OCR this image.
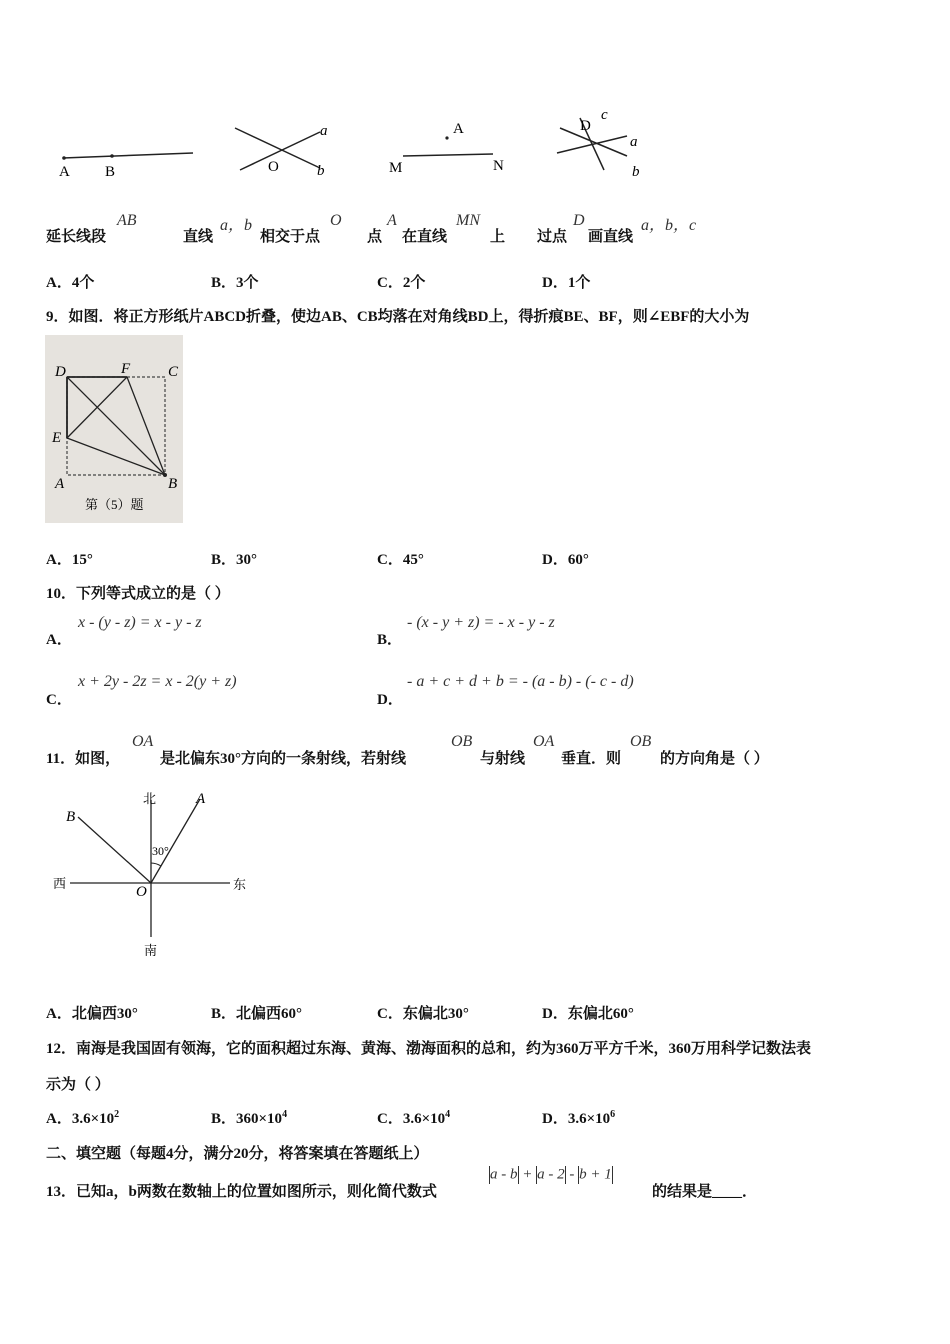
A B
a
O	b
A
M	N
c
D
a
b
延长线段
AB
直线
a，b
相交于点
O
点
A
在直线
MN
上 过点
D
画直线
a，b，c
A．4个	B．3个	C．2个	D．1个
9．如图．将正方形纸片ABCD折叠，使边AB、CB均落在对角线BD上，得折痕BE、BF，则∠EBF的大小为
D	F	C
E
A	B
第（5）题
A．15°	B．30°	C．45°	D．60°
10．下列等式成立的是（ ）
A．
x - (y - z) = x - y - z
B．
- (x - y + z) = - x - y - z
C．
x + 2y - 2z = x - 2(y + z)
D．
- a + c + d + b = - (a - b) - (- c - d)
11．如图，
OA
是北偏东30°方向的一条射线，若射线
OB
与射线
OA
垂直．则
OB
的方向角是（ ）
北
南
西	东
A
B
O
30°
A．北偏西30°	B．北偏西60°	C．东偏北30°	D．东偏北60°
12．南海是我国固有领海，它的面积超过东海、黄海、渤海面积的总和，约为360万平方千米，360万用科学记数法表
示为（ ）
A．$3.6\times 10^2$	B．$360\times 10^4$	C．$3.6\times 10^4$	D．$3.6\times 10^6$
二、填空题（每题4分，满分20分，将答案填在答题纸上）
13．已知a，b两数在数轴上的位置如图所示，则化简代数式
a - b + a - 2 - b + 1
的结果是____．
